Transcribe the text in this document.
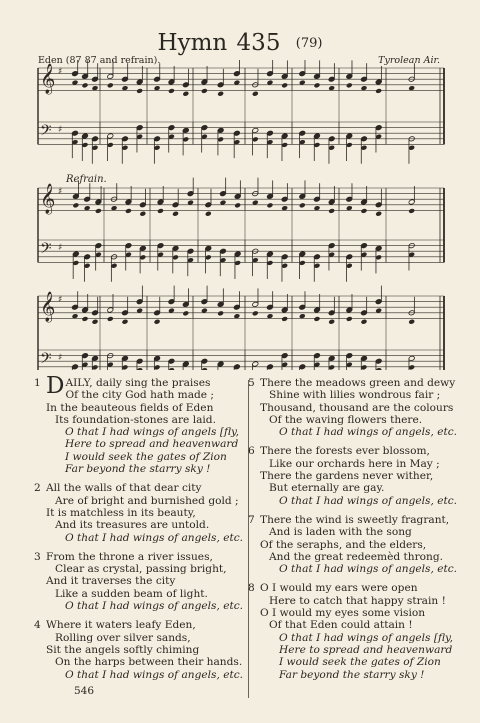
Hymn 435 (79)
Eden (87 87 and refrain).	Tyrolean Air.
𝄞 ♯
𝄢 ♯
𝄞 ♯
𝄢 ♯
𝄞 ♯
𝄢 ♯
Refrain.
1 DAILY, daily sing the praises
Of the city God hath made ;
In the beauteous fields of Eden
Its foundation-stones are laid.
O that I had wings of angels [fly,
Here to spread and heavenward
I would seek the gates of Zion
Far beyond the starry sky !
2 All the walls of that dear city
Are of bright and burnished gold ;
It is matchless in its beauty,
And its treasures are untold.
O that I had wings of angels, etc.
3 From the throne a river issues,
Clear as crystal, passing bright,
And it traverses the city
Like a sudden beam of light.
O that I had wings of angels, etc.
4 Where it waters leafy Eden,
Rolling over silver sands,
Sit the angels softly chiming
On the harps between their hands.
O that I had wings of angels, etc.
5 There the meadows green and dewy
Shine with lilies wondrous fair ;
Thousand, thousand are the colours
Of the waving flowers there.
O that I had wings of angels, etc.
6 There the forests ever blossom,
Like our orchards here in May ;
There the gardens never wither,
But eternally are gay.
O that I had wings of angels, etc.
7 There the wind is sweetly fragrant,
And is laden with the song
Of the seraphs, and the elders,
And the great redeemèd throng.
O that I had wings of angels, etc.
8 O I would my ears were open
Here to catch that happy strain !
O I would my eyes some vision
Of that Eden could attain !
O that I had wings of angels [fly,
Here to spread and heavenward
I would seek the gates of Zion
Far beyond the starry sky !
546
